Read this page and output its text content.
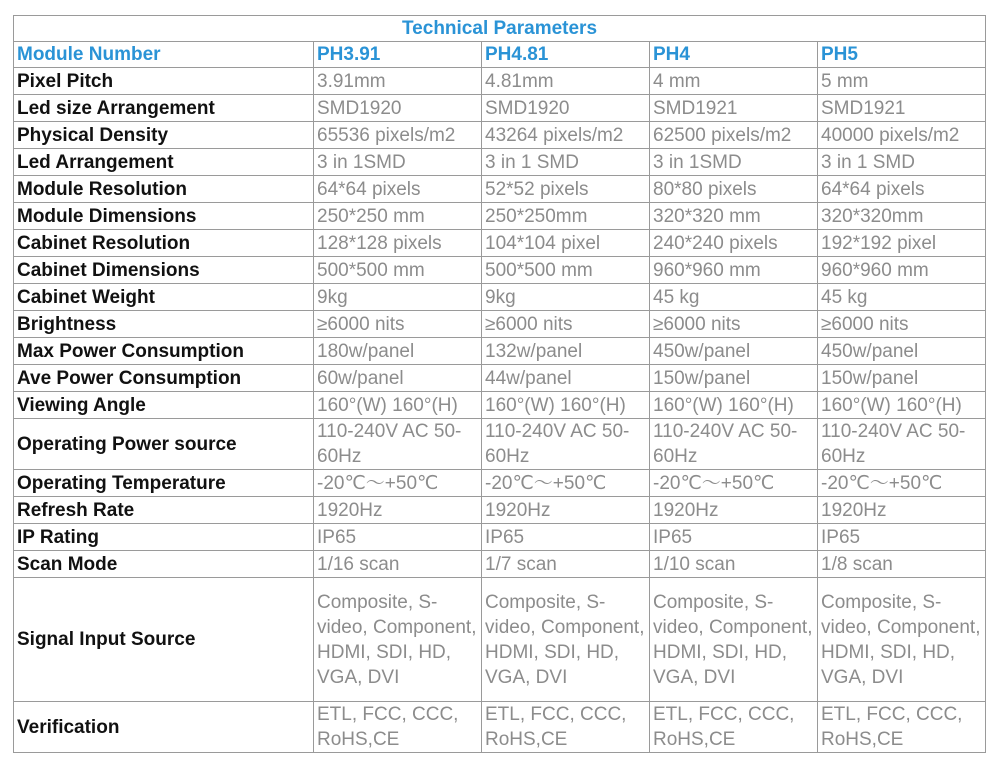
Technical Parameters				
Module Number	PH3.91	PH4.81	PH4	PH5
Pixel Pitch	3.91mm	4.81mm	4 mm	5 mm
Led size Arrangement	SMD1920	SMD1920	SMD1921	SMD1921
Physical Density	65536 pixels/m2	43264 pixels/m2	62500 pixels/m2	40000 pixels/m2
Led Arrangement	3 in 1SMD	3 in 1 SMD	3 in 1SMD	3 in 1 SMD
Module Resolution	64*64 pixels	52*52 pixels	80*80 pixels	64*64 pixels
Module Dimensions	250*250 mm	250*250mm	320*320 mm	320*320mm
Cabinet Resolution	128*128 pixels	104*104 pixel	240*240 pixels	192*192 pixel
Cabinet Dimensions	500*500 mm	500*500 mm	960*960 mm	960*960 mm
Cabinet Weight	9kg	9kg	45 kg	45 kg
Brightness	≥6000 nits	≥6000 nits	≥6000 nits	≥6000 nits
Max Power Consumption	180w/panel	132w/panel	450w/panel	450w/panel
Ave Power Consumption	60w/panel	44w/panel	150w/panel	150w/panel
Viewing Angle	160°(W) 160°(H)	160°(W) 160°(H)	160°(W) 160°(H)	160°(W) 160°(H)
Operating Power source	110-240V AC 50-60Hz	110-240V AC 50-60Hz	110-240V AC 50-60Hz	110-240V AC 50-60Hz
Operating Temperature	-20℃～+50℃	-20℃～+50℃	-20℃～+50℃	-20℃～+50℃
Refresh Rate	1920Hz	1920Hz	1920Hz	1920Hz
IP Rating	IP65	IP65	IP65	IP65
Scan Mode	1/16 scan	1/7 scan	1/10 scan	1/8 scan
Signal Input Source	Composite, S-video, Component, HDMI, SDI, HD, VGA, DVI	Composite, S-video, Component, HDMI, SDI, HD, VGA, DVI	Composite, S-video, Component, HDMI, SDI, HD, VGA, DVI	Composite, S-video, Component, HDMI, SDI, HD, VGA, DVI
Verification	ETL, FCC, CCC, RoHS,CE	ETL, FCC, CCC, RoHS,CE	ETL, FCC, CCC, RoHS,CE	ETL, FCC, CCC, RoHS,CE
